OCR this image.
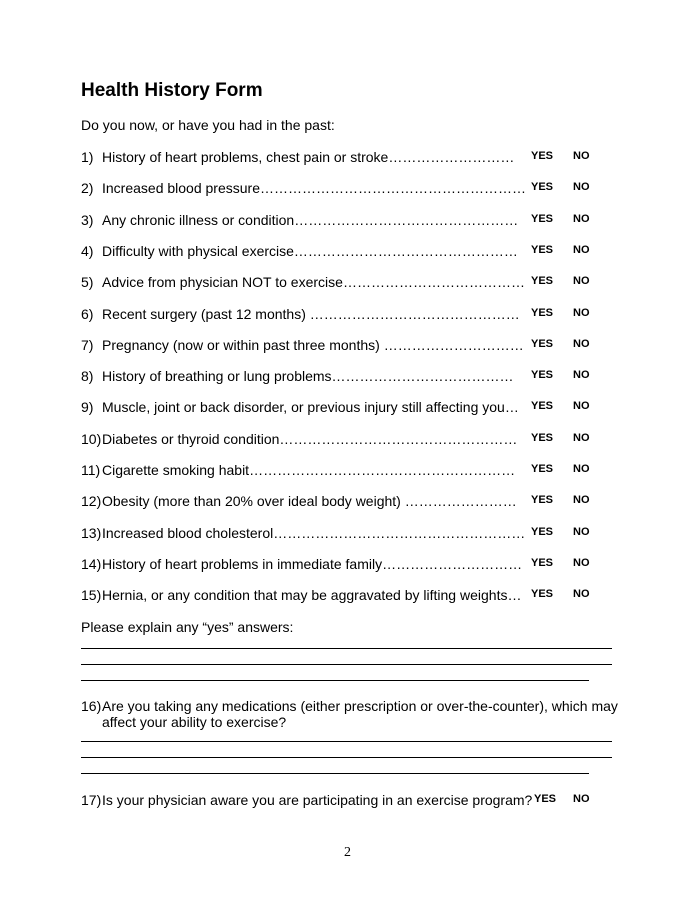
Health History Form
Do you now, or have you had in the past:
1) History of heart problems, chest pain or stroke……………………… YES NO
2) Increased blood pressure………………………………………………… YES NO
3) Any chronic illness or condition………………………………………… YES NO
4) Difficulty with physical exercise………………………………………… YES NO
5) Advice from physician NOT to exercise………………………………… YES NO
6) Recent surgery (past 12 months) ……………………………………… YES NO
7) Pregnancy (now or within past three months) ………………………… YES NO
8) History of breathing or lung problems………………………………… YES NO
9) Muscle, joint or back disorder, or previous injury still affecting you… YES NO
10) Diabetes or thyroid condition…………………………………………… YES NO
11) Cigarette smoking habit………………………………………………… YES NO
12) Obesity (more than 20% over ideal body weight) …………………… YES NO
13) Increased blood cholesterol……………………………………………… YES NO
14) History of heart problems in immediate family………………………… YES NO
15) Hernia, or any condition that may be aggravated by lifting weights… YES NO
Please explain any “yes” answers:
16) Are you taking any medications (either prescription or over-the-counter), which may affect your ability to exercise?
17) Is your physician aware you are participating in an exercise program? YES NO
2
